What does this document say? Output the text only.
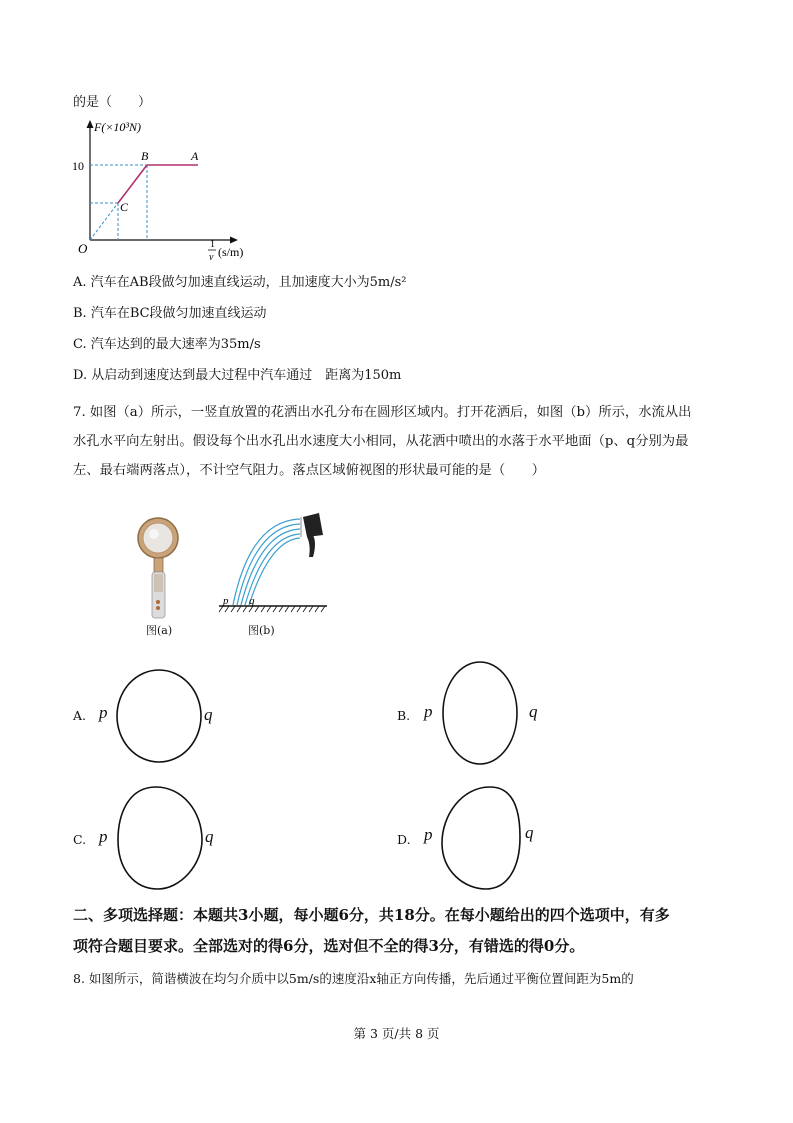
的是（　　）
F(×10³N)
10
O
B	A
C
1
v (s/m)
A. 汽车在AB段做匀加速直线运动，且加速度大小为5m/s²
B. 汽车在BC段做匀加速直线运动
C. 汽车达到的最大速率为35m/s
D. 从启动到速度达到最大过程中汽车通过　距离为150m
7. 如图（a）所示，一竖直放置的花洒出水孔分布在圆形区域内。打开花洒后，如图（b）所示，水流从出
水孔水平向左射出。假设每个出水孔出水速度大小相同，从花洒中喷出的水落于水平地面（p、q分别为最
左、最右端两落点），不计空气阻力。落点区域俯视图的形状最可能的是（　　）
图(a)
p q
图(b)
A. p	q	B. p	q
C. p	q	D. p	q
二、多项选择题：本题共3小题，每小题6分，共18分。在每小题给出的四个选项中，有多
项符合题目要求。全部选对的得6分，选对但不全的得3分，有错选的得0分。
8. 如图所示，简谐横波在均匀介质中以5m/s的速度沿x轴正方向传播，先后通过平衡位置间距为5m的
第 3 页/共 8 页
